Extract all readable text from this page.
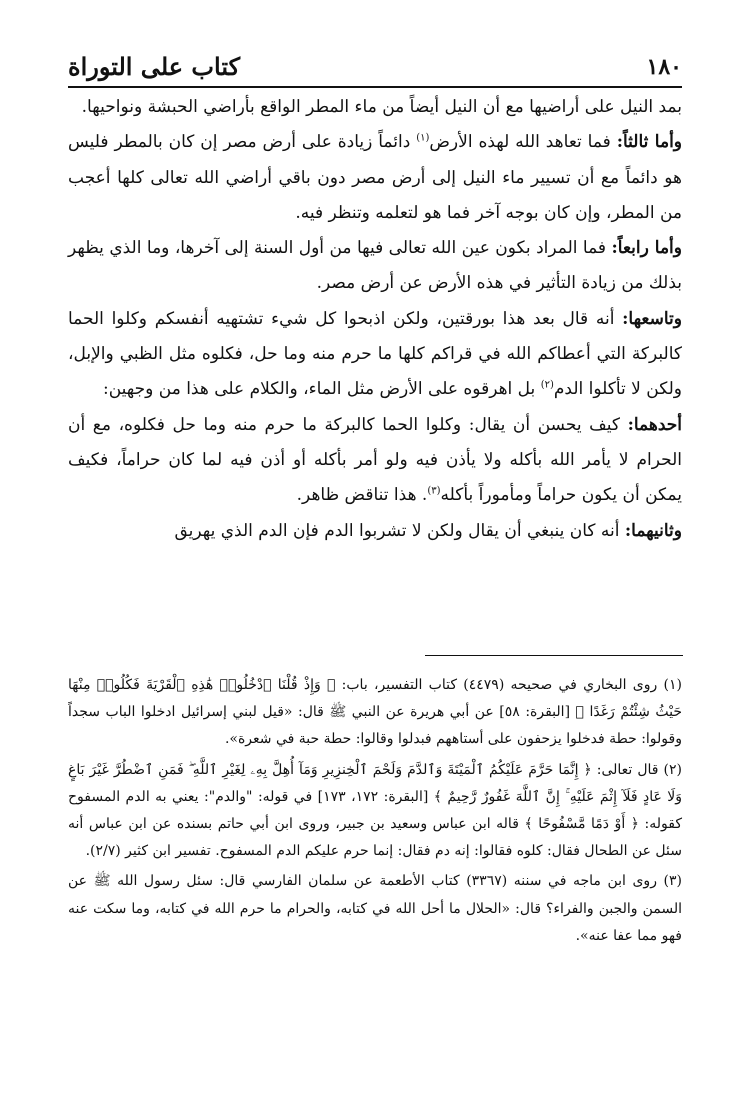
١٨٠
كتاب على التوراة

بمد النيل على أراضيها مع أن النيل أيضاً من ماء المطر الواقع بأراضي الحبشة ونواحيها.

وأما ثالثاً: فما تعاهد الله لهذه الأرض$^{(١)}$ دائماً زيادة على أرض مصر إن كان بالمطر فليس هو دائماً مع أن تسيير ماء النيل إلى أرض مصر دون باقي أراضي الله تعالى كلها أعجب من المطر، وإن كان بوجه آخر فما هو لتعلمه وتنظر فيه.

وأما رابعاً: فما المراد بكون عين الله تعالى فيها من أول السنة إلى آخرها، وما الذي يظهر بذلك من زيادة التأثير في هذه الأرض عن أرض مصر.

وتاسعها: أنه قال بعد هذا بورقتين، ولكن اذبحوا كل شيء تشتهيه أنفسكم وكلوا الحما كالبركة التي أعطاكم الله في قراكم كلها ما حرم منه وما حل، فكلوه مثل الظبي والإبل، ولكن لا تأكلوا الدم$^{(٢)}$ بل اهرقوه على الأرض مثل الماء، والكلام على هذا من وجهين:

أحدهما: كيف يحسن أن يقال: وكلوا الحما كالبركة ما حرم منه وما حل فكلوه، مع أن الحرام لا يأمر الله بأكله ولا يأذن فيه ولو أمر بأكله أو أذن فيه لما كان حراماً، فكيف يمكن أن يكون حراماً ومأموراً بأكله$^{(٣)}$. هذا تناقض ظاهر.

وثانيهما: أنه كان ينبغي أن يقال ولكن لا تشربوا الدم فإن الدم الذي يهريق

(١) روى البخاري في صحيحه (٤٤٧٩) كتاب التفسير، باب: ﴿ وَإِذْ قُلْنَا ٱدْخُلُوا۟ هَٰذِهِ ٱلْقَرْيَةَ فَكُلُوا۟ مِنْهَا حَيْثُ شِئْتُمْ رَغَدًا ﴾ [البقرة: ٥٨] عن أبي هريرة عن النبي ﷺ قال: «قيل لبني إسرائيل ادخلوا الباب سجداً وقولوا: حطة فدخلوا يزحفون على أستاههم فبدلوا وقالوا: حطة حبة في شعرة».

(٢) قال تعالى: ﴿ إِنَّمَا حَرَّمَ عَلَيْكُمُ ٱلْمَيْتَةَ وَٱلدَّمَ وَلَحْمَ ٱلْخِنزِيرِ وَمَآ أُهِلَّ بِهِۦ لِغَيْرِ ٱللَّهِ ۖ فَمَنِ ٱضْطُرَّ غَيْرَ بَاغٍ وَلَا عَادٍ فَلَآ إِثْمَ عَلَيْهِ ۚ إِنَّ ٱللَّهَ غَفُورٌ رَّحِيمٌ ﴾ [البقرة: ١٧٢، ١٧٣] في قوله: "والدم": يعني به الدم المسفوح كقوله: ﴿ أَوْ دَمًا مَّسْفُوحًا ﴾ قاله ابن عباس وسعيد بن جبير، وروى ابن أبي حاتم بسنده عن ابن عباس أنه سئل عن الطحال فقال: كلوه فقالوا: إنه دم فقال: إنما حرم عليكم الدم المسفوح. تفسير ابن كثير (٢/٧).

(٣) روى ابن ماجه في سننه (٣٣٦٧) كتاب الأطعمة عن سلمان الفارسي قال: سئل رسول الله ﷺ عن السمن والجبن والفراء؟ قال: «الحلال ما أحل الله في كتابه، والحرام ما حرم الله في كتابه، وما سكت عنه فهو مما عفا عنه».
